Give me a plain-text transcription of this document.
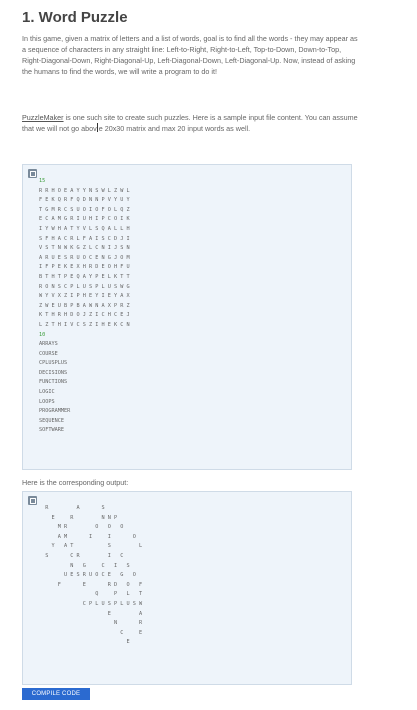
1. Word Puzzle

In this game, given a matrix of letters and a list of words, goal is to find all the words - they may appear as a sequence of characters in any straight line: Left-to-Right, Right-to-Left, Top-to-Down, Down-to-Top, Right-Diagonal-Down, Right-Diagonal-Up, Left-Diagonal-Down, Left-Diagonal-Up. Now, instead of asking the humans to find the words, we will write a program to do it!

PuzzleMaker is one such site to create such puzzles. Here is a sample input file content. You can assume that we will not go abov e 20x30 matrix and max 20 input words as well.

15
R R H O E A Y Y N S W L Z W L
F E K Q R F Q D N N P V Y U Y
T G M R C S U O I O F O L Q Z
E C A M G R I U H I P C O I K
I Y W H A T Y V L S Q A L L H
S F H A C R L F A I S C D J I
V S T N W K G Z L C N I J S N
A R U E S R U O C E N G J O M
I F P E K E X H R D E O H F U
B T H T P E Q A Y P E L K T T
R O N S C P L U S P L U S W G
W Y V X Z I P H E Y I E Y A X
Z W E U B P B A W N A X P R Z
K T H R H D O J Z I C H C E J
L Z T H I V C S Z I H E K C N
10
ARRAYS
COURSE
CPLUSPLUS
DECISIONS
FUNCTIONS
LOGIC
LOOPS
PROGRAMMER
SEQUENCE
SOFTWARE

Here is the corresponding output:

R         A       S
E     R         N N P
M R         O   O   O
A M       I     I       O
Y   A T           S         L
S       C R         I   C
N   G     C   I   S
U E S R U O C E   G   O
F       E       R D   O   F
Q     P   L   T
C P L U S P L U S W
E         A
N       R
C     E
E

COMPILE CODE
